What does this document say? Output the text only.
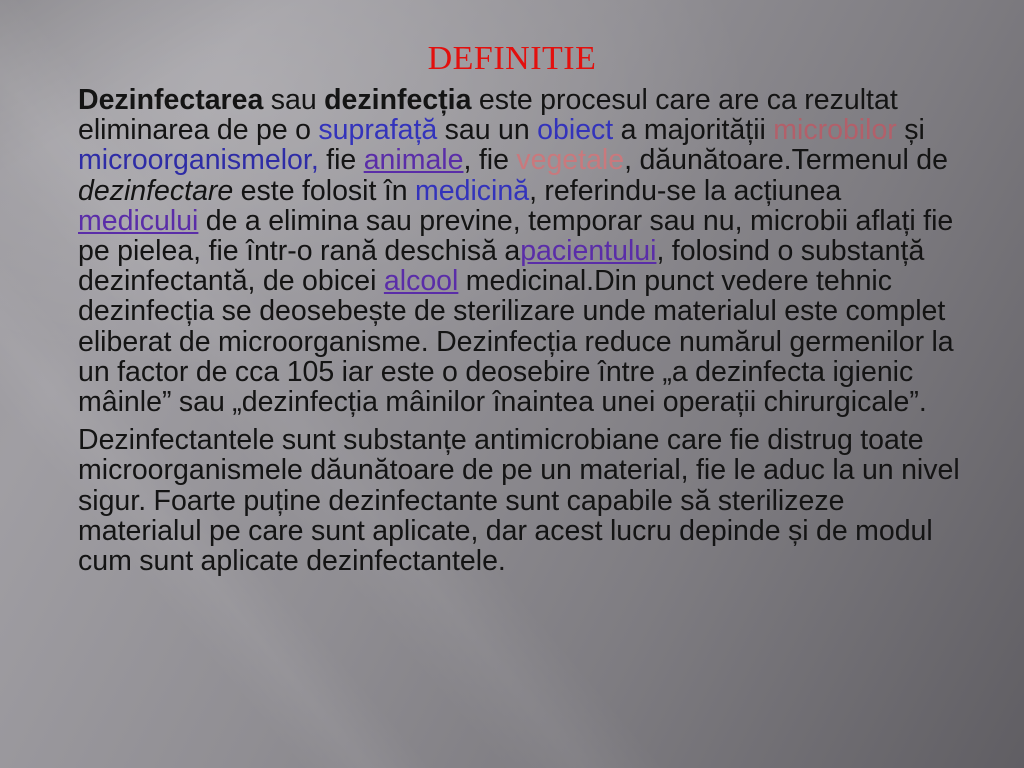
DEFINITIE

Dezinfectarea sau dezinfecția este procesul care are ca rezultat eliminarea de pe o suprafață sau un obiect a majorității microbilor și microorganismelor, fie animale, fie vegetale, dăunătoare.Termenul de dezinfectare este folosit în medicină, referindu-se la acțiunea medicului de a elimina sau previne, temporar sau nu, microbii aflați fie pe pielea, fie într-o rană deschisă apacientului, folosind o substanță dezinfectantă, de obicei alcool medicinal.Din punct vedere tehnic dezinfecția se deosebește de sterilizare unde materialul este complet eliberat de microorganisme. Dezinfecția reduce numărul germenilor la un factor de cca 105 iar este o deosebire între „a dezinfecta igienic mâinle” sau „dezinfecția mâinilor înaintea unei operații chirurgicale”.

Dezinfectantele sunt substanțe antimicrobiane care fie distrug toate microorganismele dăunătoare de pe un material, fie le aduc la un nivel sigur. Foarte puține dezinfectante sunt capabile să sterilizeze materialul pe care sunt aplicate, dar acest lucru depinde și de modul cum sunt aplicate dezinfectantele.
